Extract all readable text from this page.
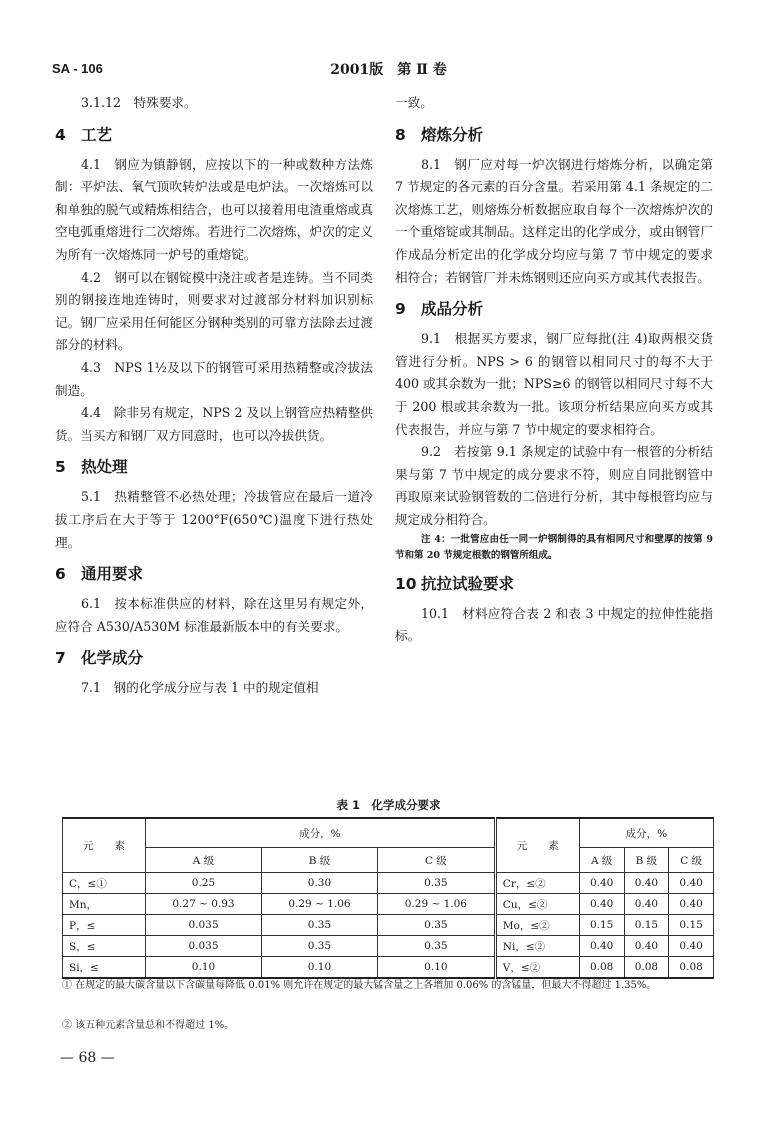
SA - 106	2001版　第 Ⅱ 卷

3.1.12　特殊要求。

4 工艺

4.1　钢应为镇静钢，应按以下的一种或数种方法炼制：平炉法、氧气顶吹转炉法或是电炉法。一次熔炼可以和单独的脱气或精炼相结合，也可以接着用电渣重熔或真空电弧重熔进行二次熔炼。若进行二次熔炼，炉次的定义为所有一次熔炼同一炉号的重熔锭。

4.2　钢可以在钢锭模中浇注或者是连铸。当不同类别的钢接连地连铸时，则要求对过渡部分材料加识别标记。钢厂应采用任何能区分钢种类别的可靠方法除去过渡部分的材料。

4.3　NPS 1½及以下的钢管可采用热精整或冷拔法制造。

4.4　除非另有规定，NPS 2 及以上钢管应热精整供货。当买方和钢厂双方同意时，也可以冷拔供货。

5 热处理

5.1　热精整管不必热处理；冷拔管应在最后一道冷拔工序后在大于等于 1200°F(650℃)温度下进行热处理。

6 通用要求

6.1　按本标准供应的材料，除在这里另有规定外，应符合 A530/A530M 标准最新版本中的有关要求。

7 化学成分

7.1　钢的化学成分应与表 1 中的规定值相

一致。

8 熔炼分析

8.1　钢厂应对每一炉次钢进行熔炼分析，以确定第 7 节规定的各元素的百分含量。若采用第 4.1 条规定的二次熔炼工艺，则熔炼分析数据应取自每个一次熔炼炉次的一个重熔锭或其制品。这样定出的化学成分，或由钢管厂作成品分析定出的化学成分均应与第 7 节中规定的要求相符合；若钢管厂并未炼钢则还应向买方或其代表报告。

9 成品分析

9.1　根据买方要求，钢厂应每批(注 4)取两根交货管进行分析。NPS > 6 的钢管以相同尺寸的每不大于 400 或其余数为一批；NPS≥6 的钢管以相同尺寸每不大于 200 根或其余数为一批。该项分析结果应向买方或其代表报告，并应与第 7 节中规定的要求相符合。

9.2　若按第 9.1 条规定的试验中有一根管的分析结果与第 7 节中规定的成分要求不符，则应自同批钢管中再取原来试验钢管数的二倍进行分析，其中每根管均应与规定成分相符合。

注 4：一批管应由任一同一炉钢制得的具有相同尺寸和壁厚的按第 9 节和第 20 节规定根数的钢管所组成。

10 抗拉试验要求

10.1　材料应符合表 2 和表 3 中规定的拉伸性能指标。

表 1　化学成分要求
元　　素	成分，%			元　　素	成分，%		
	A 级	B 级	C 级		A 级	B 级	C 级
C，≤①	0.25	0.30	0.35	Cr，≤②	0.40	0.40	0.40
Mn，	0.27 ~ 0.93	0.29 ~ 1.06	0.29 ~ 1.06	Cu，≤②	0.40	0.40	0.40
P，≤	0.035	0.35	0.35	Mo，≤②	0.15	0.15	0.15
S，≤	0.035	0.35	0.35	Ni，≤②	0.40	0.40	0.40
Si，≤	0.10	0.10	0.10	V，≤②	0.08	0.08	0.08
① 在规定的最大碳含量以下含碳量每降低 0.01% 则允许在规定的最大锰含量之上各增加 0.06% 的含锰量，但最大不得超过 1.35%。
② 该五种元素含量总和不得超过 1%。
— 68 —
